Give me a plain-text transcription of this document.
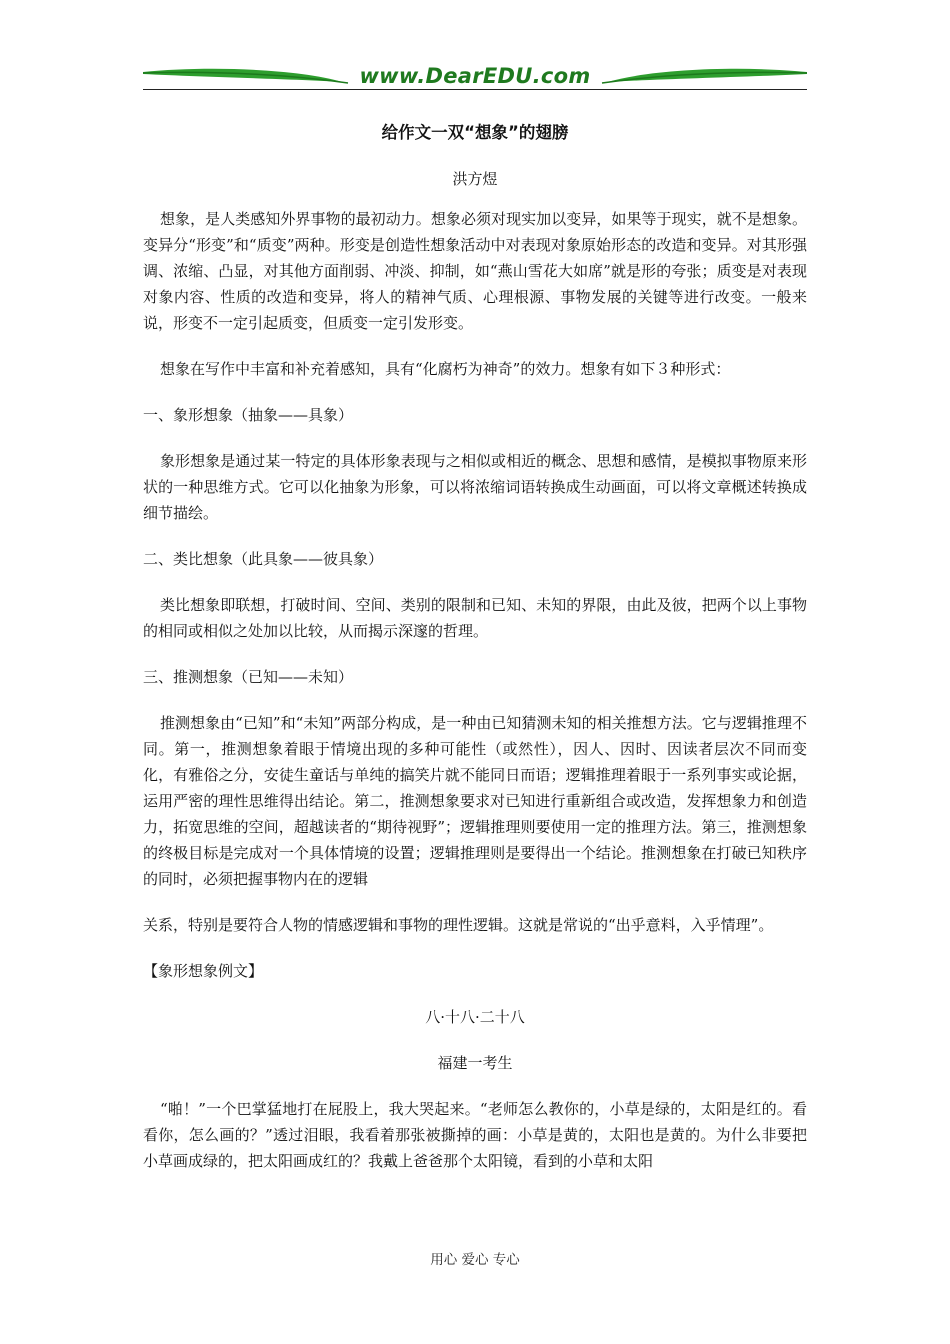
www.DearEDU.com
给作文一双“想象”的翅膀
洪方煜

想象，是人类感知外界事物的最初动力。想象必须对现实加以变异，如果等于现实，就不是想象。变异分“形变”和“质变”两种。形变是创造性想象活动中对表现对象原始形态的改造和变异。对其形强调、浓缩、凸显，对其他方面削弱、冲淡、抑制，如“燕山雪花大如席”就是形的夸张；质变是对表现对象内容、性质的改造和变异，将人的精神气质、心理根源、事物发展的关键等进行改变。一般来说，形变不一定引起质变，但质变一定引发形变。

想象在写作中丰富和补充着感知，具有“化腐朽为神奇”的效力。想象有如下３种形式：

一、象形想象（抽象——具象）

象形想象是通过某一特定的具体形象表现与之相似或相近的概念、思想和感情，是模拟事物原来形状的一种思维方式。它可以化抽象为形象，可以将浓缩词语转换成生动画面，可以将文章概述转换成细节描绘。

二、类比想象（此具象——彼具象）

类比想象即联想，打破时间、空间、类别的限制和已知、未知的界限，由此及彼，把两个以上事物的相同或相似之处加以比较，从而揭示深邃的哲理。

三、推测想象（已知——未知）

推测想象由“已知”和“未知”两部分构成，是一种由已知猜测未知的相关推想方法。它与逻辑推理不同。第一，推测想象着眼于情境出现的多种可能性（或然性），因人、因时、因读者层次不同而变化，有雅俗之分，安徒生童话与单纯的搞笑片就不能同日而语；逻辑推理着眼于一系列事实或论据，运用严密的理性思维得出结论。第二，推测想象要求对已知进行重新组合或改造，发挥想象力和创造力，拓宽思维的空间，超越读者的“期待视野”；逻辑推理则要使用一定的推理方法。第三，推测想象的终极目标是完成对一个具体情境的设置；逻辑推理则是要得出一个结论。推测想象在打破已知秩序的同时，必须把握事物内在的逻辑

关系，特别是要符合人物的情感逻辑和事物的理性逻辑。这就是常说的“出乎意料，入乎情理”。

【象形想象例文】
八·十八·二十八
福建一考生

“啪！”一个巴掌猛地打在屁股上，我大哭起来。“老师怎么教你的，小草是绿的，太阳是红的。看看你，怎么画的？”透过泪眼，我看着那张被撕掉的画：小草是黄的，太阳也是黄的。为什么非要把小草画成绿的，把太阳画成红的？我戴上爸爸那个太阳镜，看到的小草和太阳

用心 爱心 专心
